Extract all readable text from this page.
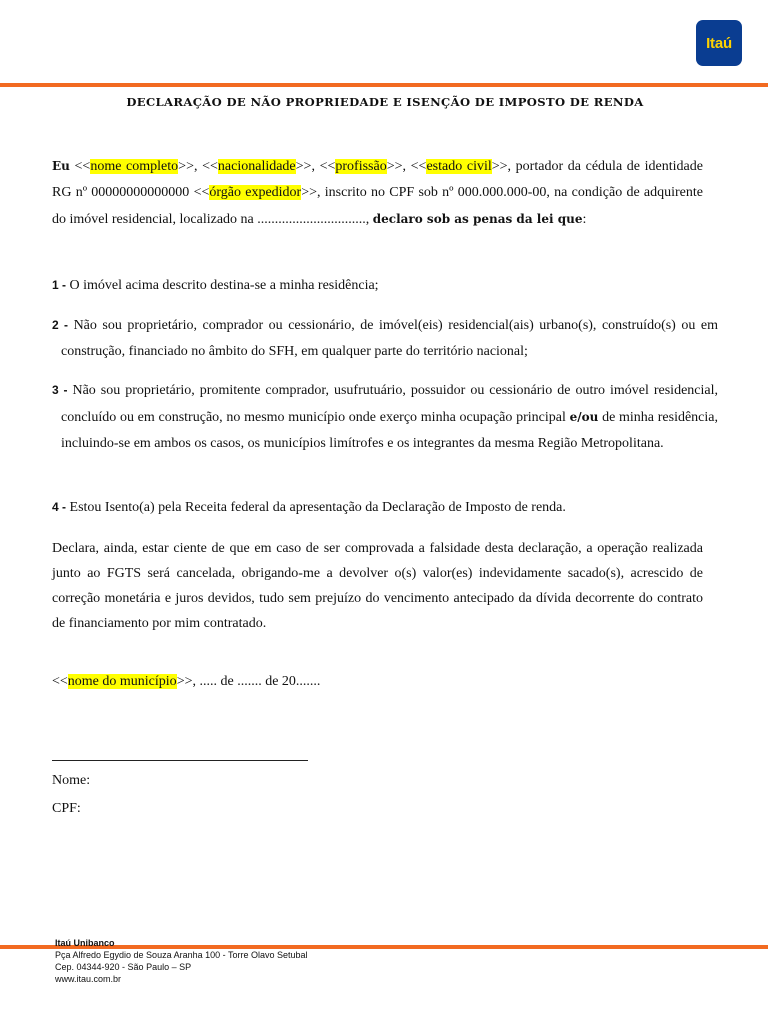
Itaú
DECLARAÇÃO DE NÃO PROPRIEDADE E ISENÇÃO DE IMPOSTO DE RENDA
Eu <<nome completo>>, <<nacionalidade>>, <<profissão>>, <<estado civil>>, portador da cédula de identidade RG nº 00000000000000 <<órgão expedidor>>, inscrito no CPF sob nº 000.000.000-00, na condição de adquirente do imóvel residencial, localizado na ..............................., declaro sob as penas da lei que:
1 - O imóvel acima descrito destina-se a minha residência;
2 - Não sou proprietário, comprador ou cessionário, de imóvel(eis) residencial(ais) urbano(s), construído(s) ou em construção, financiado no âmbito do SFH, em qualquer parte do território nacional;
3 - Não sou proprietário, promitente comprador, usufrutuário, possuidor ou cessionário de outro imóvel residencial, concluído ou em construção, no mesmo município onde exerço minha ocupação principal e/ou de minha residência, incluindo-se em ambos os casos, os municípios limítrofes e os integrantes da mesma Região Metropolitana.
4 - Estou Isento(a) pela Receita federal da apresentação da Declaração de Imposto de renda.
Declara, ainda, estar ciente de que em caso de ser comprovada a falsidade desta declaração, a operação realizada junto ao FGTS será cancelada, obrigando-me a devolver o(s) valor(es) indevidamente sacado(s), acrescido de correção monetária e juros devidos, tudo sem prejuízo do vencimento antecipado da dívida decorrente do contrato de financiamento por mim contratado.
<<nome do município>>, ..... de ....... de 20.......
Nome:
CPF:
Itaú Unibanco
Pça Alfredo Egydio de Souza Aranha 100 - Torre Olavo Setubal
Cep. 04344-920 - São Paulo – SP
www.itau.com.br
